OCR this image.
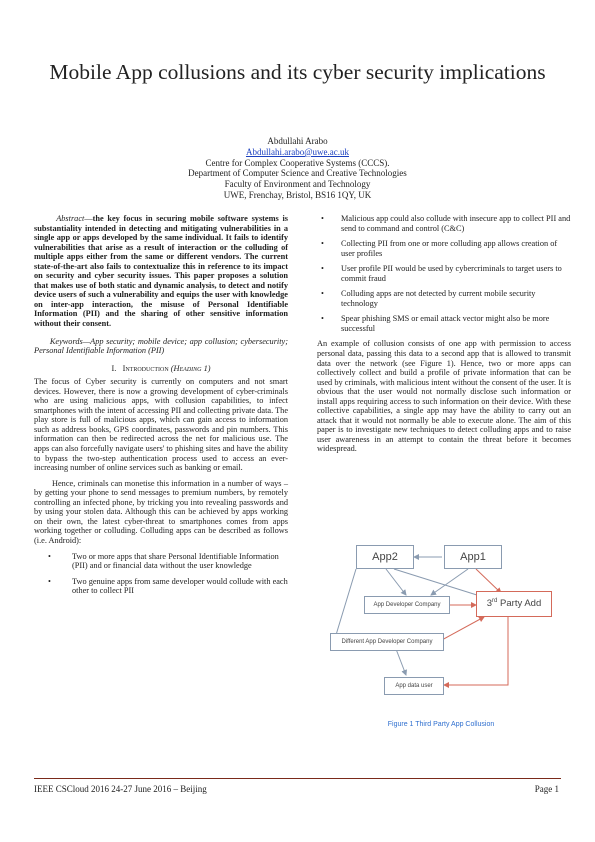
Mobile App collusions and its cyber security implications
Abdullahi Arabo
Abdullahi.arabo@uwe.ac.uk
Centre for Complex Cooperative Systems (CCCS).
Department of Computer Science and Creative Technologies
Faculty of Environment and Technology
UWE, Frenchay, Bristol, BS16 1QY, UK

Abstract—the key focus in securing mobile software systems is substantiality intended in detecting and mitigating vulnerabilities in a single app or apps developed by the same individual. It fails to identify vulnerabilities that arise as a result of interaction or the colluding of multiple apps either from the same or different vendors. The current state-of-the-art also fails to contextualize this in reference to its impact on security and cyber security issues. This paper proposes a solution that makes use of both static and dynamic analysis, to detect and notify device users of such a vulnerability and equips the user with knowledge on inter-app interaction, the misuse of Personal Identifiable Information (PII) and the sharing of other sensitive information without their consent.

Keywords—App security; mobile device; app collusion; cybersecurity; Personal Identifiable Information (PII)

I. Introduction (Heading 1)

The focus of Cyber security is currently on computers and not smart devices. However, there is now a growing development of cyber-criminals who are using malicious apps, with collusion capabilities, to infect smartphones with the intent of accessing PII and collecting private data. The play store is full of malicious apps, which can gain access to information such as address books, GPS coordinates, passwords and pin numbers. This information can then be redirected across the net for malicious use. The apps can also forcefully navigate users' to phishing sites and have the ability to bypass the two-step authentication process used to access an ever-increasing number of online services such as banking or email.

Hence, criminals can monetise this information in a number of ways – by getting your phone to send messages to premium numbers, by remotely controlling an infected phone, by tricking you into revealing passwords and by using your stolen data. Although this can be achieved by apps working on their own, the latest cyber-threat to smartphones comes from apps working together or colluding. Colluding apps can be described as follows (i.e. Android):

•	Two or more apps that share Personal Identifiable Information (PII) and or financial data without the user knowledge
•	Two genuine apps from same developer would collude with each other to collect PII
• Malicious app could also collude with insecure app to collect PII and send to command and control (C&C)
• Collecting PII from one or more colluding app allows creation of user profiles
• User profile PII would be used by cybercriminals to target users to commit fraud
• Colluding apps are not detected by current mobile security technology
• Spear phishing SMS or email attack vector might also be more successful

An example of collusion consists of one app with permission to access personal data, passing this data to a second app that is allowed to transmit data over the network (see Figure 1). Hence, two or more apps can collectively collect and build a profile of private information that can be used by criminals, with malicious intent without the consent of the user. It is obvious that the user would not normally disclose such information or install apps requiring access to such information on their device. With these collective capabilities, a single app may have the ability to carry out an attack that it would not normally be able to execute alone. The aim of this paper is to investigate new techniques to detect colluding apps and to raise user awareness in an attempt to contain the threat before it becomes widespread.

App2	App1
App Developer Company	3rd Party Add
Different App Developer Company
App data user
Figure 1 Third Party App Collusion
IEEE CSCloud 2016 24-27 June 2016 – Beijing	Page 1
